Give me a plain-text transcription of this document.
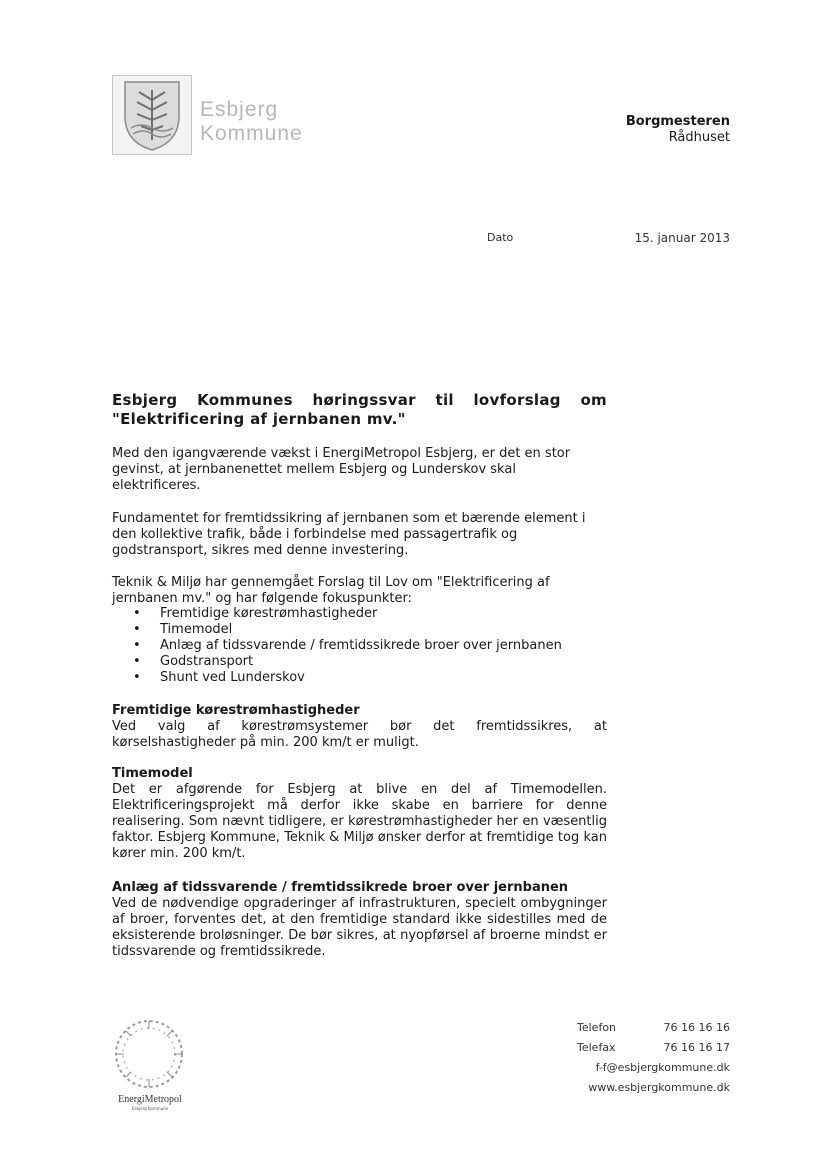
Esbjerg
Kommune
Borgmesteren
Rådhuset
Dato	15. januar 2013
Esbjerg Kommunes høringssvar til lovforslag om "Elektrificering af jernbanen mv."
Med den igangværende vækst i EnergiMetropol Esbjerg, er det en stor gevinst, at jernbanenettet mellem Esbjerg og Lunderskov skal elektrificeres.
Fundamentet for fremtidssikring af jernbanen som et bærende element i den kollektive trafik, både i forbindelse med passagertrafik og godstransport, sikres med denne investering.
Teknik & Miljø har gennemgået Forslag til Lov om "Elektrificering af jernbanen mv." og har følgende fokuspunkter:
• Fremtidige kørestrømhastigheder
• Timemodel
• Anlæg af tidssvarende / fremtidssikrede broer over jernbanen
• Godstransport
• Shunt ved Lunderskov
Fremtidige kørestrømhastigheder

Ved valg af kørestrømsystemer bør det fremtidssikres, at kørselshastigheder på min. 200 km/t er muligt.

Timemodel

Det er afgørende for Esbjerg at blive en del af Timemodellen. Elektrificeringsprojekt må derfor ikke skabe en barriere for denne realisering. Som nævnt tidligere, er kørestrømhastigheder her en væsentlig faktor. Esbjerg Kommune, Teknik & Miljø ønsker derfor at fremtidige tog kan kører min. 200 km/t.

Anlæg af tidssvarende / fremtidssikrede broer over jernbanen

Ved de nødvendige opgraderinger af infrastrukturen, specielt ombygninger af broer, forventes det, at den fremtidige standard ikke sidestilles med de eksisterende broløsninger. De bør sikres, at nyopførsel af broerne mindst er tidssvarende og fremtidssikrede.

EnergiMetropol
Esbjerg Kommune
Telefon	76 16 16 16
Telefax	76 16 16 17
f-f@esbjergkommune.dk
www.esbjergkommune.dk
